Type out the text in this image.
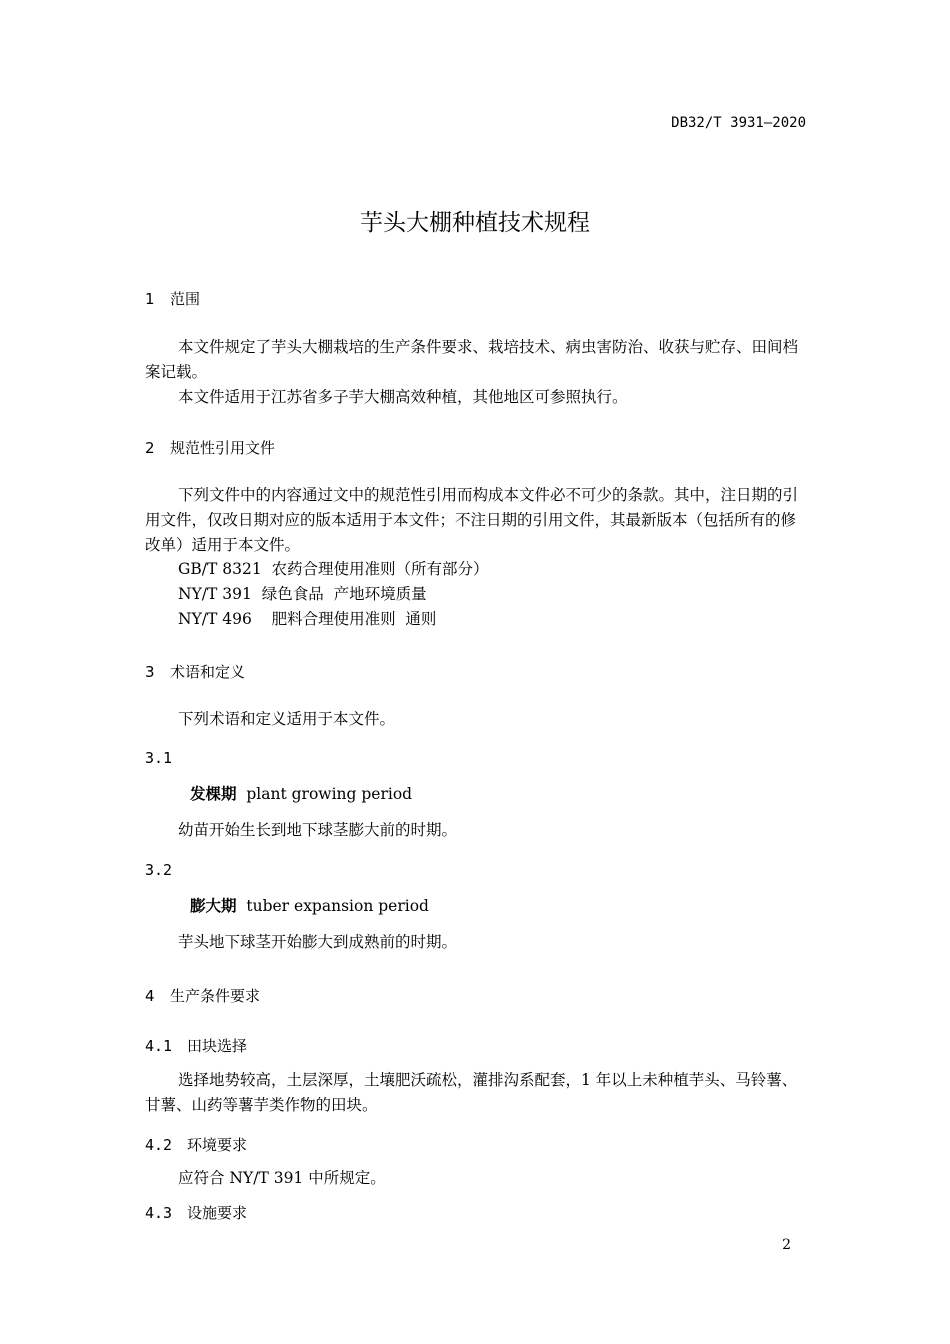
DB32/T 3931—2020
芋头大棚种植技术规程
1 范围
本文件规定了芋头大棚栽培的生产条件要求、栽培技术、病虫害防治、收获与贮存、田间档案记载。
本文件适用于江苏省多子芋大棚高效种植，其他地区可参照执行。
2 规范性引用文件
下列文件中的内容通过文中的规范性引用而构成本文件必不可少的条款。其中，注日期的引用文件，仅改日期对应的版本适用于本文件；不注日期的引用文件，其最新版本（包括所有的修改单）适用于本文件。
GB/T 8321  农药合理使用准则（所有部分）
NY/T 391  绿色食品  产地环境质量
NY/T 496    肥料合理使用准则  通则
3 术语和定义
下列术语和定义适用于本文件。
3.1
发棵期 plant growing period
幼苗开始生长到地下球茎膨大前的时期。
3.2
膨大期 tuber expansion period
芋头地下球茎开始膨大到成熟前的时期。
4 生产条件要求
4.1 田块选择
选择地势较高，土层深厚，土壤肥沃疏松，灌排沟系配套，1 年以上未种植芋头、马铃薯、甘薯、山药等薯芋类作物的田块。
4.2 环境要求
应符合 NY/T 391 中所规定。
4.3 设施要求
2
